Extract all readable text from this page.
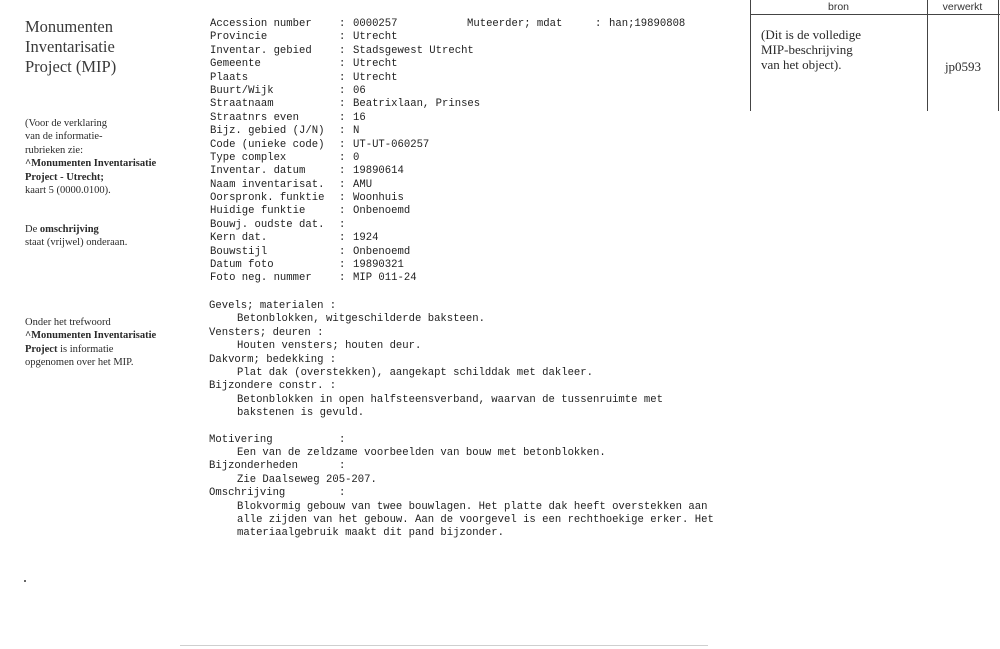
Monumenten
Inventarisatie
Project (MIP)
(Voor de verklaring
van de informatie-
rubrieken zie:
^Monumenten Inventarisatie
Project - Utrecht;
kaart 5 (0000.0100).
De omschrijving
staat (vrijwel) onderaan.
Onder het trefwoord
^Monumenten Inventarisatie
Project is informatie
opgenomen over het MIP.
Muteerder; mdat	: han;19890808
Accession number	: 0000257
Provincie	: Utrecht
Inventar. gebied	: Stadsgewest Utrecht
Gemeente	: Utrecht
Plaats	: Utrecht
Buurt/Wijk	: 06
Straatnaam	: Beatrixlaan, Prinses
Straatnrs even	: 16
Bijz. gebied (J/N)	: N
Code (unieke code)	: UT-UT-060257
Type complex	: 0
Inventar. datum	: 19890614
Naam inventarisat.	: AMU
Oorspronk. funktie	: Woonhuis
Huidige funktie	: Onbenoemd
Bouwj. oudste dat.	:
Kern dat.	: 1924
Bouwstijl	: Onbenoemd
Datum foto	: 19890321
Foto neg. nummer	: MIP 011-24
Gevels; materialen :
Betonblokken, witgeschilderde baksteen.
Vensters; deuren :
Houten vensters; houten deur.
Dakvorm; bedekking :
Plat dak (overstekken), aangekapt schilddak met dakleer.
Bijzondere constr. :
Betonblokken in open halfsteensverband, waarvan de tussenruimte met
bakstenen is gevuld.
Motivering	:
Een van de zeldzame voorbeelden van bouw met betonblokken.
Bijzonderheden	:
Zie Daalseweg 205-207.
Omschrijving	:
Blokvormig gebouw van twee bouwlagen. Het platte dak heeft overstekken aan
alle zijden van het gebouw. Aan de voorgevel is een rechthoekige erker. Het
materiaalgebruik maakt dit pand bijzonder.
bron	verwerkt
(Dit is de volledige
MIP-beschrijving
van het object).	jp0593
